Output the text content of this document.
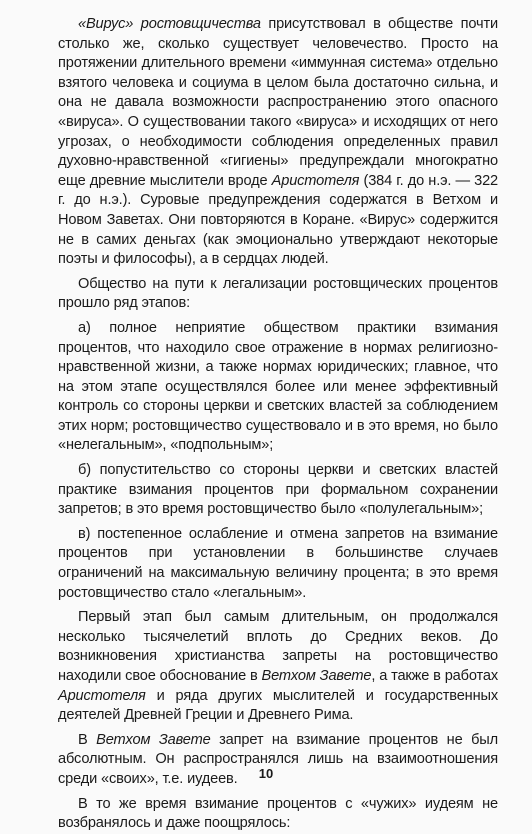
«Вирус» ростовщичества присутствовал в обществе почти столько же, сколько существует человечество. Просто на протяжении длительного времени «иммунная система» отдельно взятого человека и социума в целом была достаточно сильна, и она не давала возможности распространению этого опасного «вируса». О существовании такого «вируса» и исходящих от него угрозах, о необходимости соблюдения определенных правил духовно-нравственной «гигиены» предупреждали многократно еще древние мыслители вроде Аристотеля (384 г. до н.э. — 322 г. до н.э.). Суровые предупреждения содержатся в Ветхом и Новом Заветах. Они повторяются в Коране. «Вирус» содержится не в самих деньгах (как эмоционально утверждают некоторые поэты и философы), а в сердцах людей.

Общество на пути к легализации ростовщических процентов прошло ряд этапов:

а) полное неприятие обществом практики взимания процентов, что находило свое отражение в нормах религиозно-нравственной жизни, а также нормах юридических; главное, что на этом этапе осуществлялся более или менее эффективный контроль со стороны церкви и светских властей за соблюдением этих норм; ростовщичество существовало и в это время, но было «нелегальным», «подпольным»;

б) попустительство со стороны церкви и светских властей практике взимания процентов при формальном сохранении запретов; в это время ростовщичество было «полулегальным»;

в) постепенное ослабление и отмена запретов на взимание процентов при установлении в большинстве случаев ограничений на максимальную величину процента; в это время ростовщичество стало «легальным».

Первый этап был самым длительным, он продолжался несколько тысячелетий вплоть до Средних веков. До возникновения христианства запреты на ростовщичество находили свое обоснование в Ветхом Завете, а также в работах Аристотеля и ряда других мыслителей и государственных деятелей Древней Греции и Древнего Рима.

В Ветхом Завете запрет на взимание процентов не был абсолютным. Он распространялся лишь на взаимоотношения среди «своих», т.е. иудеев.

В то же время взимание процентов с «чужих» иудеям не возбранялось и даже поощрялось:

10
